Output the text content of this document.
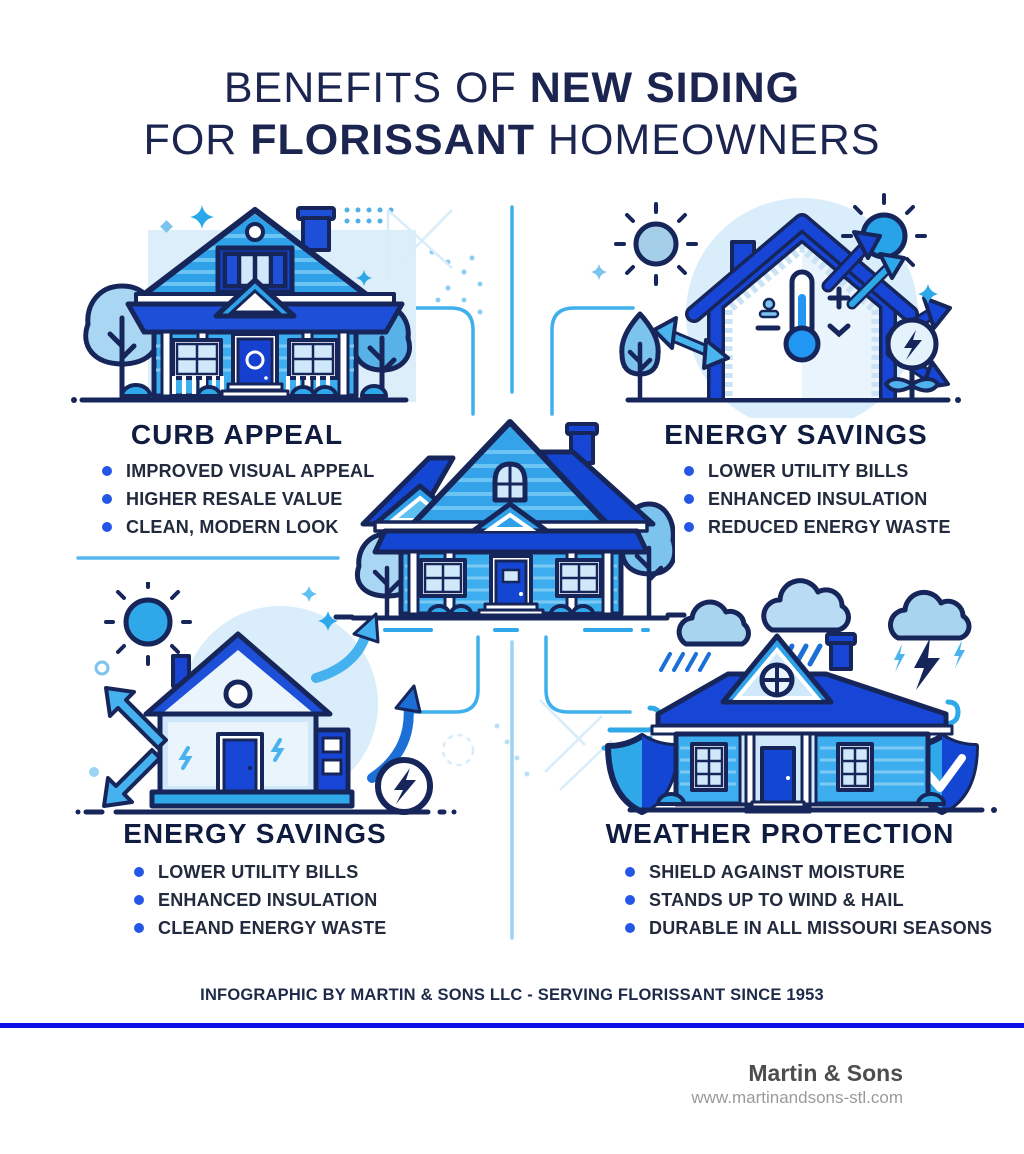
BENEFITS OF NEW SIDING
FOR FLORISSANT HOMEOWNERS
CURB APPEAL
IMPROVED VISUAL APPEAL
HIGHER RESALE VALUE
CLEAN, MODERN LOOK
ENERGY SAVINGS
LOWER UTILITY BILLS
ENHANCED INSULATION
REDUCED ENERGY WASTE
ENERGY SAVINGS
LOWER UTILITY BILLS
ENHANCED INSULATION
CLEAND ENERGY WASTE
WEATHER PROTECTION
SHIELD AGAINST MOISTURE
STANDS UP TO WIND & HAIL
DURABLE IN ALL MISSOURI SEASONS
INFOGRAPHIC BY MARTIN & SONS LLC - SERVING FLORISSANT SINCE 1953
Martin & Sons
www.martinandsons-stl.com
